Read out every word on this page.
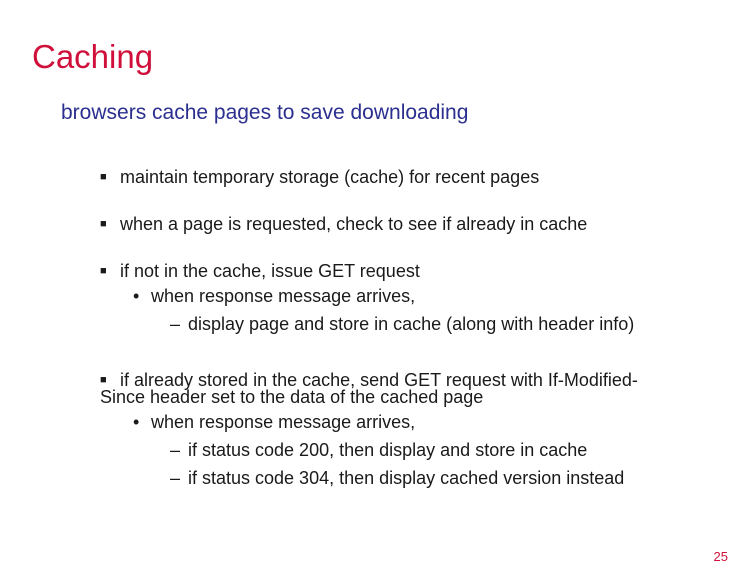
Caching
browsers cache pages to save downloading
■ maintain temporary storage (cache) for recent pages
■ when a page is requested, check to see if already in cache
■ if not in the cache, issue GET request
• when response message arrives,
– display page and store in cache (along with header info)
■ if already stored in the cache, send GET request with If-Modified-
Since header set to the data of the cached page
• when response message arrives,
– if status code 200, then display and store in cache
– if status code 304, then display cached version instead
25
